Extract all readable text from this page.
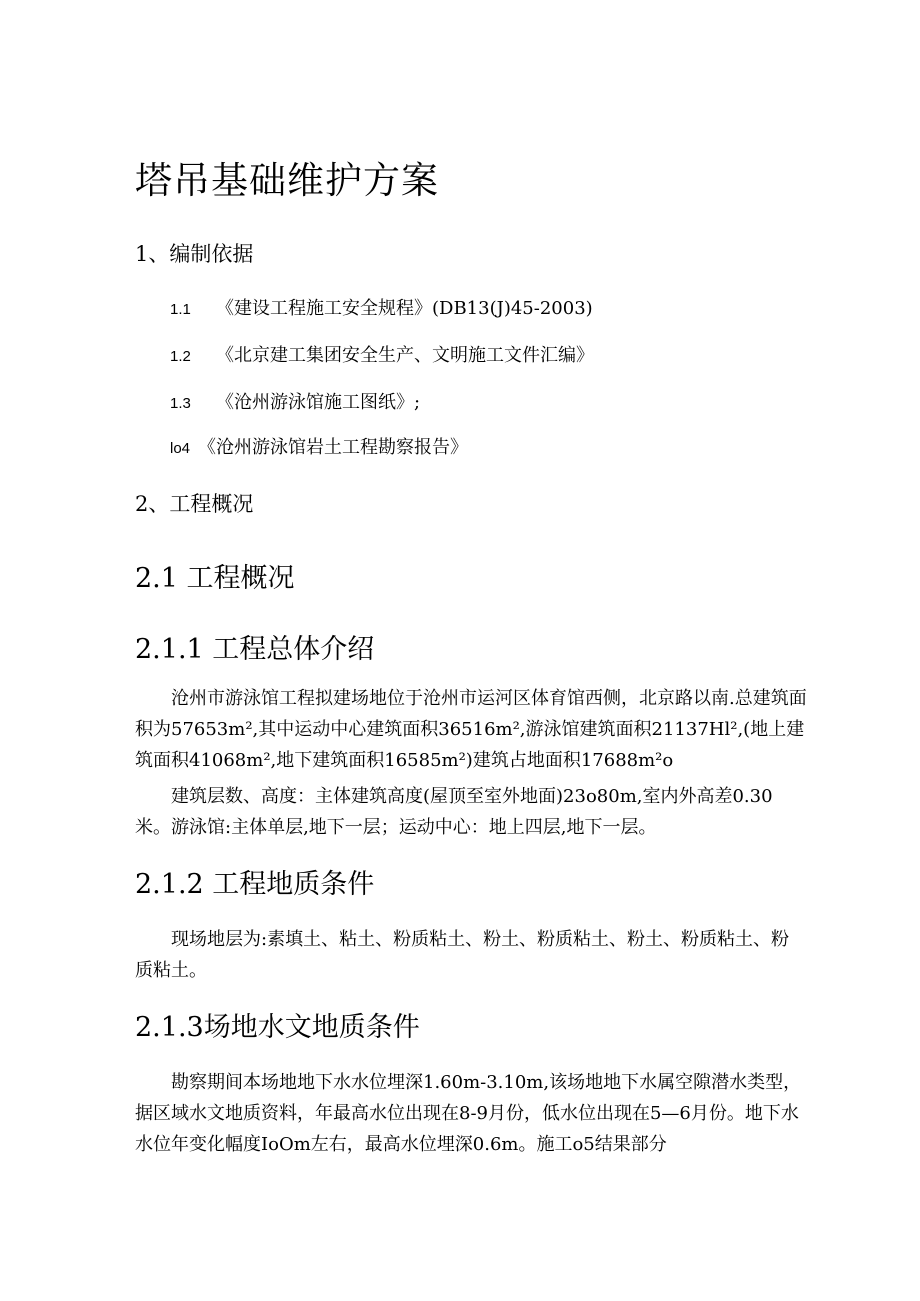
塔吊基础维护方案
1、编制依据
1.1 《建设工程施工安全规程》(DB13(J)45-2003)
1.2 《北京建工集团安全生产、文明施工文件汇编》
1.3 《沧州游泳馆施工图纸》;
lo4 《沧州游泳馆岩土工程勘察报告》
2、工程概况
2.1 工程概况
2.1.1 工程总体介绍

沧州市游泳馆工程拟建场地位于沧州市运河区体育馆西侧，北京路以南.总建筑面积为57653m²,其中运动中心建筑面积36516m²,游泳馆建筑面积21137Hl²,(地上建筑面积41068m²,地下建筑面积16585m²)建筑占地面积17688m²o

建筑层数、高度：主体建筑高度(屋顶至室外地面)23o80m,室内外高差0.30米。游泳馆:主体单层,地下一层；运动中心：地上四层,地下一层。

2.1.2 工程地质条件

现场地层为:素填土、粘土、粉质粘土、粉土、粉质粘土、粉土、粉质粘土、粉质粘土。

2.1.3场地水文地质条件

勘察期间本场地地下水水位埋深1.60m-3.10m,该场地地下水属空隙潜水类型，据区域水文地质资料，年最高水位出现在8-9月份，低水位出现在5—6月份。地下水水位年变化幅度IoOm左右，最高水位埋深0.6m。施工o5结果部分
